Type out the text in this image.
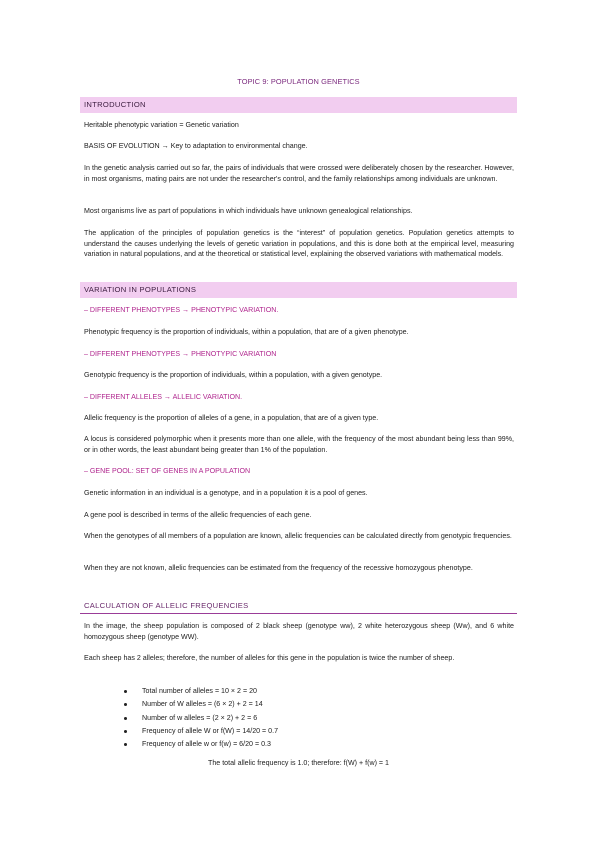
TOPIC 9: POPULATION GENETICS
INTRODUCTION
Heritable phenotypic variation = Genetic variation
BASIS OF EVOLUTION → Key to adaptation to environmental change.
In the genetic analysis carried out so far, the pairs of individuals that were crossed were deliberately chosen by the researcher. However, in most organisms, mating pairs are not under the researcher's control, and the family relationships among individuals are unknown.
Most organisms live as part of populations in which individuals have unknown genealogical relationships.
The application of the principles of population genetics is the “interest” of population genetics. Population genetics attempts to understand the causes underlying the levels of genetic variation in populations, and this is done both at the empirical level, measuring variation in natural populations, and at the theoretical or statistical level, explaining the observed variations with mathematical models.
VARIATION IN POPULATIONS
– DIFFERENT PHENOTYPES → PHENOTYPIC VARIATION.
Phenotypic frequency is the proportion of individuals, within a population, that are of a given phenotype.
– DIFFERENT PHENOTYPES → PHENOTYPIC VARIATION
Genotypic frequency is the proportion of individuals, within a population, with a given genotype.
– DIFFERENT ALLELES → ALLELIC VARIATION.
Allelic frequency is the proportion of alleles of a gene, in a population, that are of a given type.
A locus is considered polymorphic when it presents more than one allele, with the frequency of the most abundant being less than 99%, or in other words, the least abundant being greater than 1% of the population.
– GENE POOL: SET OF GENES IN A POPULATION
Genetic information in an individual is a genotype, and in a population it is a pool of genes.
A gene pool is described in terms of the allelic frequencies of each gene.
When the genotypes of all members of a population are known, allelic frequencies can be calculated directly from genotypic frequencies.
When they are not known, allelic frequencies can be estimated from the frequency of the recessive homozygous phenotype.
CALCULATION OF ALLELIC FREQUENCIES
In the image, the sheep population is composed of 2 black sheep (genotype ww), 2 white heterozygous sheep (Ww), and 6 white homozygous sheep (genotype WW).
Each sheep has 2 alleles; therefore, the number of alleles for this gene in the population is twice the number of sheep.
Total number of alleles = 10 × 2 = 20
Number of W alleles = (6 × 2) + 2 = 14
Number of w alleles = (2 × 2) + 2 = 6
Frequency of allele W or f(W) = 14/20 = 0.7
Frequency of allele w or f(w) = 6/20 = 0.3
The total allelic frequency is 1.0; therefore: f(W) + f(w) = 1
